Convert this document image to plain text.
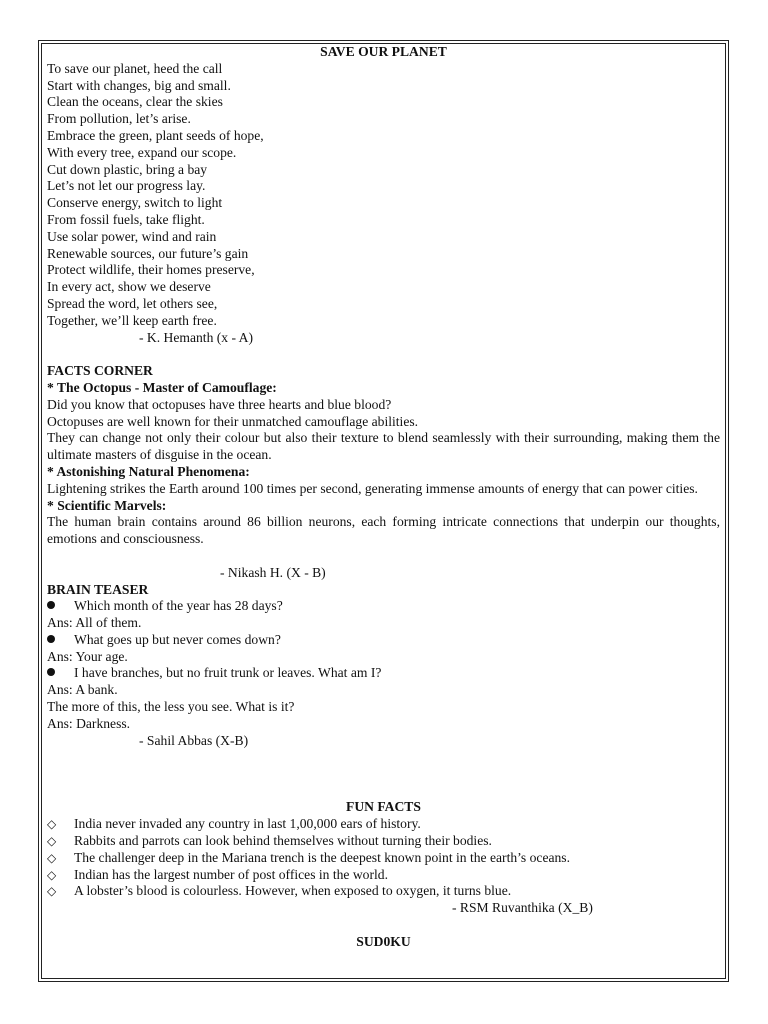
SAVE OUR PLANET
To save our planet, heed the call
Start with changes, big and small.
Clean the oceans, clear the skies
From pollution, let’s arise.
Embrace the green, plant seeds of hope,
With every tree, expand our scope.
Cut down plastic, bring a bay
Let’s not let our progress lay.
Conserve energy, switch to light
From fossil fuels, take flight.
Use solar power, wind and rain
Renewable sources, our future’s gain
Protect wildlife, their homes preserve,
In every act, show we deserve
Spread the word, let others see,
Together, we’ll keep earth free.
- K. Hemanth (x - A)
FACTS CORNER
* The Octopus - Master of Camouflage:
Did you know that octopuses have three hearts and blue blood?
Octopuses are well known for their unmatched camouflage abilities.
They can change not only their colour but also their texture to blend seamlessly with their surrounding, making them the ultimate masters of disguise in the ocean.
* Astonishing Natural Phenomena:
Lightening strikes the Earth around 100 times per second, generating immense amounts of energy that can power cities.
* Scientific Marvels:
The human brain contains around 86 billion neurons, each forming intricate connections that underpin our thoughts, emotions and consciousness.
- Nikash H. (X - B)
BRAIN TEASER
Which month of the year has 28 days?
Ans: All of them.
What goes up but never comes down?
Ans: Your age.
I have branches, but no fruit trunk or leaves. What am I?
Ans: A bank.
The more of this, the less you see. What is it?
Ans: Darkness.
- Sahil Abbas (X-B)
FUN FACTS
◇	India never invaded any country in last 1,00,000 ears of history.
◇	Rabbits and parrots can look behind themselves without turning their bodies.
◇	The challenger deep in the Mariana trench is the deepest known point in the earth’s oceans.
◇	Indian has the largest number of post offices in the world.
◇	A lobster’s blood is colourless. However, when exposed to oxygen, it turns blue.
- RSM Ruvanthika (X_B)
SUD0KU
